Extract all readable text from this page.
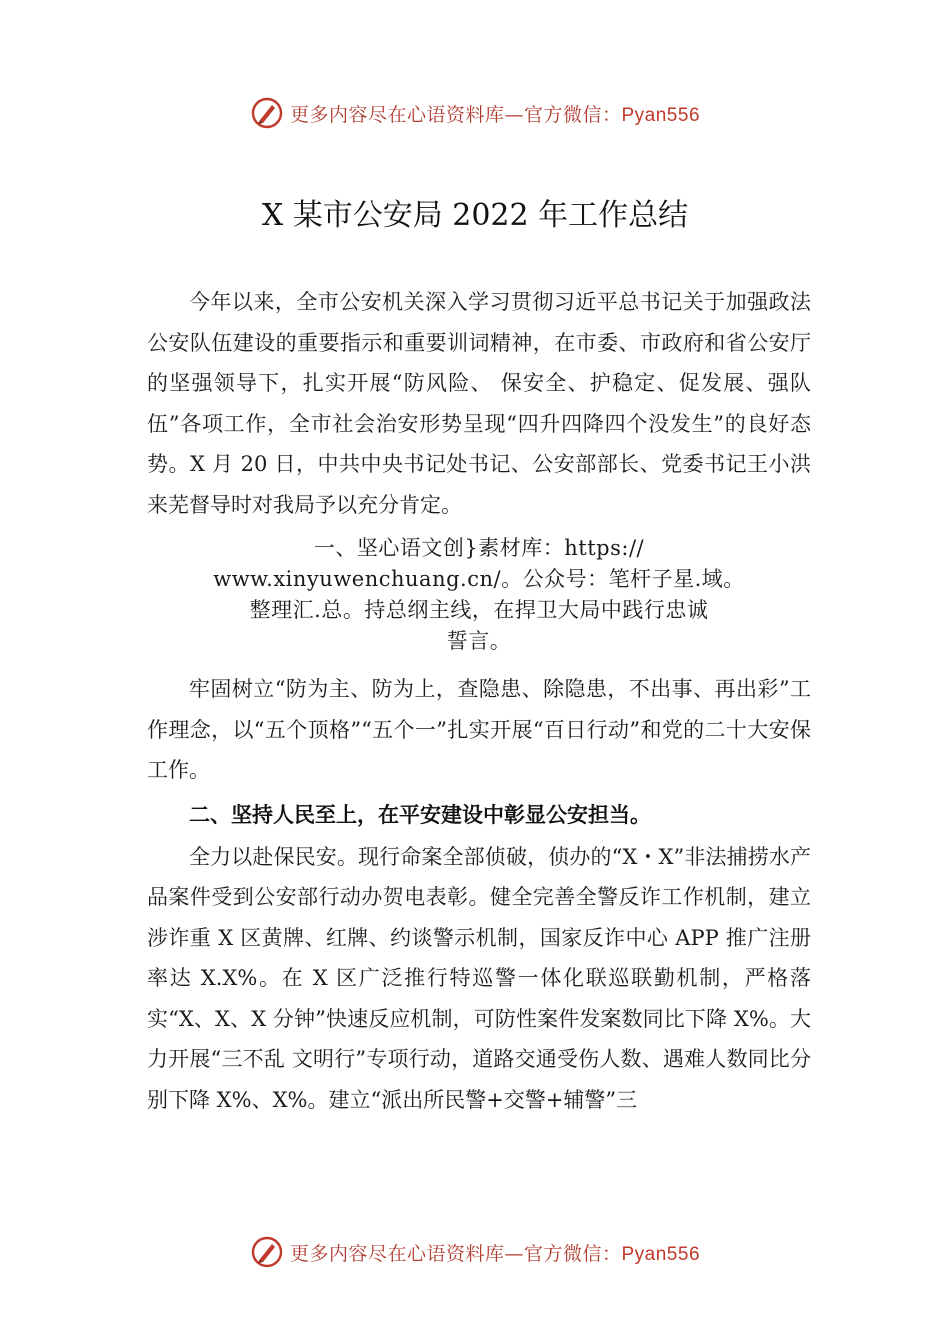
更多内容尽在心语资料库—官方微信：Pyan556
X 某市公安局 2022 年工作总结

今年以来，全市公安机关深入学习贯彻习近平总书记关于加强政法公安队伍建设的重要指示和重要训词精神，在市委、市政府和省公安厅的坚强领导下，扎实开展“防风险、 保安全、护稳定、促发展、强队伍”各项工作，全市社会治安形势呈现“四升四降四个没发生”的良好态势。X 月 20 日，中共中央书记处书记、公安部部长、党委书记王小洪来芜督导时对我局予以充分肯定。

一、坚心语文创}素材库：https://
www.xinyuwenchuang.cn/。公众号：笔杆子星.域。
整理汇.总。持总纲主线，在捍卫大局中践行忠诚
誓言。

牢固树立“防为主、防为上，查隐患、除隐患，不出事、再出彩”工作理念，以“五个顶格”“五个一”扎实开展“百日行动”和党的二十大安保工作。

二、坚持人民至上，在平安建设中彰显公安担当。

全力以赴保民安。现行命案全部侦破，侦办的“X・X”非法捕捞水产品案件受到公安部行动办贺电表彰。健全完善全警反诈工作机制，建立涉诈重 X 区黄牌、红牌、约谈警示机制，国家反诈中心 APP 推广注册率达 X.X%。在 X 区广泛推行特巡警一体化联巡联勤机制，严格落实“X、X、X 分钟”快速反应机制，可防性案件发案数同比下降 X%。大力开展“三不乱 文明行”专项行动，道路交通受伤人数、遇难人数同比分别下降 X%、X%。建立“派出所民警+交警+辅警”三

更多内容尽在心语资料库—官方微信：Pyan556
